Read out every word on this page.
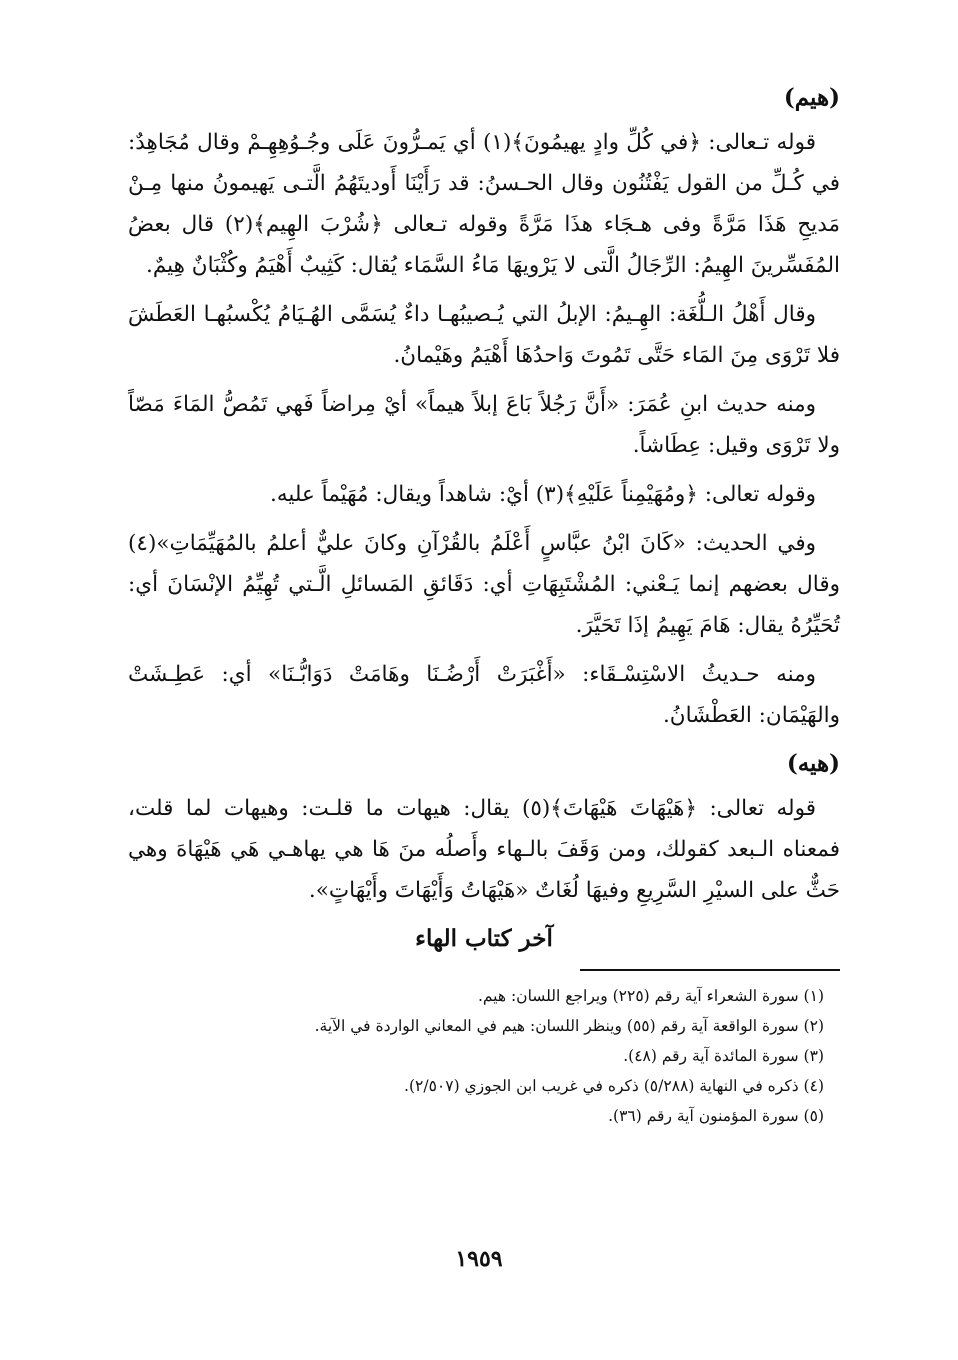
(هيم)

قوله تـعالى: ﴿في كُلِّ وادٍ يهيمُونَ﴾(١) أي يَمـرُّونَ عَلَى وجُـوُهِهِـمْ وقال مُجَاهِدٌ: في كُـلِّ من القول يَفْتُنُون وقال الحـسنُ: قد رَأَيْنَا أَوديتَهُمُ الَّتـى يَهيمونُ منها مِـنْ مَديحِ هَذَا مَرَّةً وفى هـجَاء هذَا مَرَّةً وقوله تـعالى ﴿شُرْبَ الهِيم﴾(٢) قال بعضُ المُفَسِّرينَ الهِيمُ: الرِّجَالُ الَّتى لا يَرْويهَا مَاءُ السَّمَاء يُقال: كَثِيبٌ أَهْيَمُ وكُثْبَانٌ هِيمٌ.

وقال أَهْلُ الـلُّغَة: الهِـيمُ: الإبلُ التي يُـصيبُهـا داءٌ يُسَمَّى الهُـيَامُ يُكْسبُهـا العَطَشَ فلا تَرْوَى مِنَ المَاء حَتَّى تَمُوتَ وَاحدُهَا أَهْيَمُ وهَيْمانُ.

ومنه حديث ابنِ عُمَرَ: «أَنَّ رَجُلاً بَاعَ إبلاً هيماً» أيْ مِراضاً فَهي تَمُصُّ المَاءَ مَصّاً ولا تَرْوَى وقيل: عِطَاشاً.

وقوله تعالى: ﴿ومُهَيْمِناً عَلَيْهِ﴾(٣) أيْ: شاهداً ويقال: مُهَيْماً عليه.

وفي الحديث: «كَانَ ابْنُ عبَّاسٍ أَعْلَمُ بالقُرْآنِ وكانَ عليٌّ أعلمُ بالمُهَيِّمَاتِ»(٤) وقال بعضهم إنما يَـعْني: المُشْتَبِهَاتِ أي: دَقَائقِ المَسائلِ الَّـتي تُهِيِّمُ الإنْسَانَ أي: تُحَيِّرُهُ يقال: هَامَ يَهِيمُ إذَا تَحَيَّرَ.

ومنه حـديثُ الاسْتِسْـقَاء: «أَغْبَرَتْ أَرْضُـنَا وهَامَتْ دَوَابُّـنَا» أي: عَطِـشَتْ والهَيْمَان: العَطْشَانُ.

(هيه)

قوله تعالى: ﴿هَيْهَاتَ هَيْهَاتَ﴾(٥) يقال: هيهات ما قلـت: وهيهات لما قلت، فمعناه الـبعد كقولك، ومن وَقَفَ بالـهاء وأَصلُه منَ هَا هي يهاهـي هَي هَيْهَاهَ وهي حَثٌّ على السيْرِ السَّرِيعِ وفيهَا لُغَاتٌ «هَيْهَاتُ وَأَيْهَاتَ وأَيْهَاتٍ».

آخر كتاب الهاء
(١) سورة الشعراء آية رقم (٢٢٥) ويراجع اللسان: هيم.
(٢) سورة الواقعة آية رقم (٥٥) وينظر اللسان: هيم في المعاني الواردة في الآية.
(٣) سورة المائدة آية رقم (٤٨).
(٤) ذكره في النهاية (٥/٢٨٨) ذكره في غريب ابن الجوزي (٢/٥٠٧).
(٥) سورة المؤمنون آية رقم (٣٦).
١٩٥٩
